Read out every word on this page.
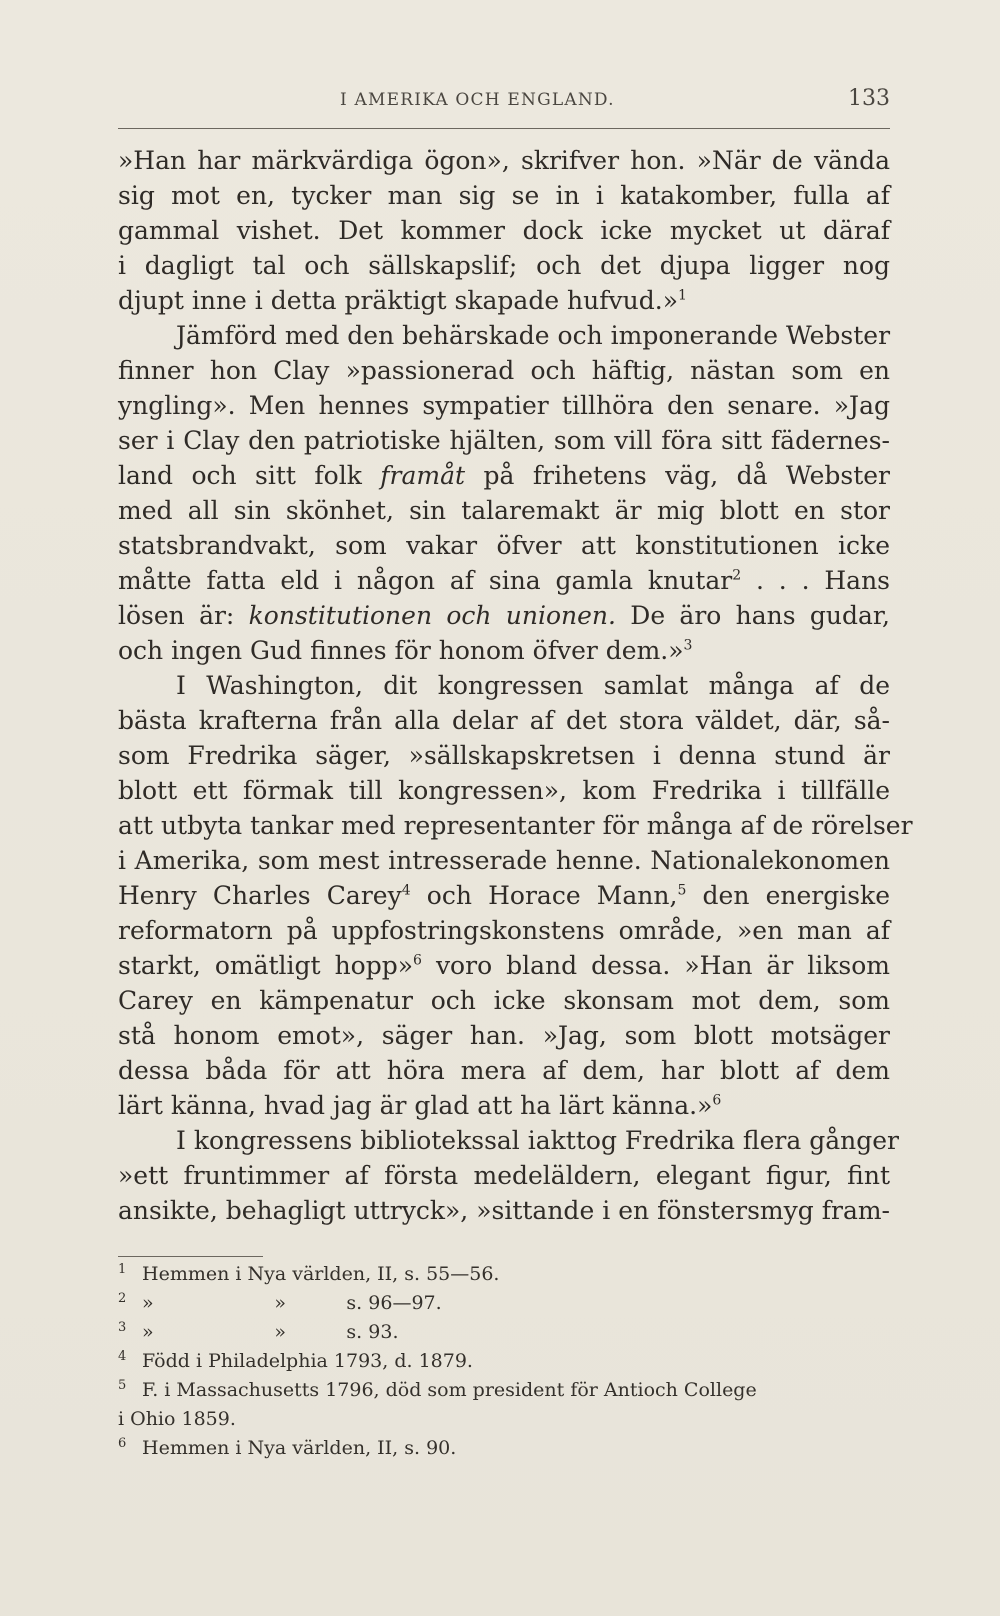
I AMERIKA OCH ENGLAND.	133
»Han har märkvärdiga ögon», skrifver hon. »När de vända
sig mot en, tycker man sig se in i katakomber, fulla af
gammal vishet. Det kommer dock icke mycket ut däraf
i dagligt tal och sällskapslif; och det djupa ligger nog
djupt inne i detta präktigt skapade hufvud.»$^1$
Jämförd med den behärskade och imponerande Webster
finner hon Clay »passionerad och häftig, nästan som en
yngling». Men hennes sympatier tillhöra den senare. »Jag
ser i Clay den patriotiske hjälten, som vill föra sitt fädernes-
land och sitt folk framåt på frihetens väg, då Webster
med all sin skönhet, sin talaremakt är mig blott en stor
statsbrandvakt, som vakar öfver att konstitutionen icke
måtte fatta eld i någon af sina gamla knutar$^2$ . . . Hans
lösen är: konstitutionen och unionen. De äro hans gudar,
och ingen Gud finnes för honom öfver dem.»$^3$
I Washington, dit kongressen samlat många af de
bästa krafterna från alla delar af det stora väldet, där, så-
som Fredrika säger, »sällskapskretsen i denna stund är
blott ett förmak till kongressen», kom Fredrika i tillfälle
att utbyta tankar med representanter för många af de rörelser
i Amerika, som mest intresserade henne. Nationalekonomen
Henry Charles Carey$^4$ och Horace Mann,$^5$ den energiske
reformatorn på uppfostringskonstens område, »en man af
starkt, omätligt hopp»$^6$ voro bland dessa. »Han är liksom
Carey en kämpenatur och icke skonsam mot dem, som
stå honom emot», säger han. »Jag, som blott motsäger
dessa båda för att höra mera af dem, har blott af dem
lärt känna, hvad jag är glad att ha lärt känna.»$^6$
I kongressens bibliotekssal iakttog Fredrika flera gånger
»ett fruntimmer af första medeläldern, elegant figur, fint
ansikte, behagligt uttryck», »sittande i en fönstersmyg fram-
1 Hemmen i Nya världen, II, s. 55—56.
2 »                    »          s. 96—97.
3 »                    »          s. 93.
4 Född i Philadelphia 1793, d. 1879.
5 F. i Massachusetts 1796, död som president för Antioch College
i Ohio 1859.
6 Hemmen i Nya världen, II, s. 90.
